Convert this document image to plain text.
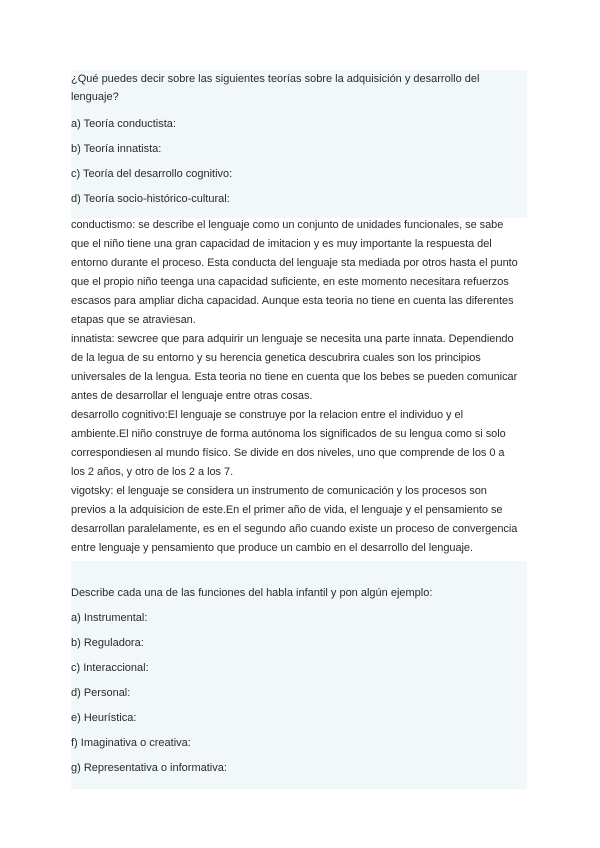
¿Qué puedes decir sobre las siguientes teorías sobre la adquisición y desarrollo del
lenguaje?
a) Teoría conductista:
b) Teoría innatista:
c) Teoría del desarrollo cognitivo:
d) Teoría socio-histórico-cultural:
conductismo: se describe el lenguaje como un conjunto de unidades funcionales, se sabe
que el niño tiene una gran capacidad de imitacion y es muy importante la respuesta del
entorno durante el proceso. Esta conducta del lenguaje sta mediada por otros hasta el punto
que el propio niño teenga una capacidad suficiente, en este momento necesitara refuerzos
escasos para ampliar dicha capacidad. Aunque esta teoria no tiene en cuenta las diferentes
etapas que se atraviesan.
innatista: sewcree que para adquirir un lenguaje se necesita una parte innata. Dependiendo
de la legua de su entorno y su herencia genetica descubrira cuales son los principios
universales de la lengua. Esta teoria no tiene en cuenta que los bebes se pueden comunicar
antes de desarrollar el lenguaje entre otras cosas.
desarrollo cognitivo:El lenguaje se construye por la relacion entre el individuo y el
ambiente.El niño construye de forma autónoma los significados de su lengua como si solo
correspondiesen al mundo físico. Se divide en dos niveles, uno que comprende de los 0 a
los 2 años, y otro de los 2 a los 7.
vigotsky: el lenguaje se considera un instrumento de comunicación y los procesos son
previos a la adquisicion de este.En el primer año de vida, el lenguaje y el pensamiento se
desarrollan paralelamente, es en el segundo año cuando existe un proceso de convergencia
entre lenguaje y pensamiento que produce un cambio en el desarrollo del lenguaje.
Describe cada una de las funciones del habla infantil y pon algún ejemplo:
a) Instrumental:
b) Reguladora:
c) Interaccional:
d) Personal:
e) Heurística:
f) Imaginativa o creativa:
g) Representativa o informativa:
